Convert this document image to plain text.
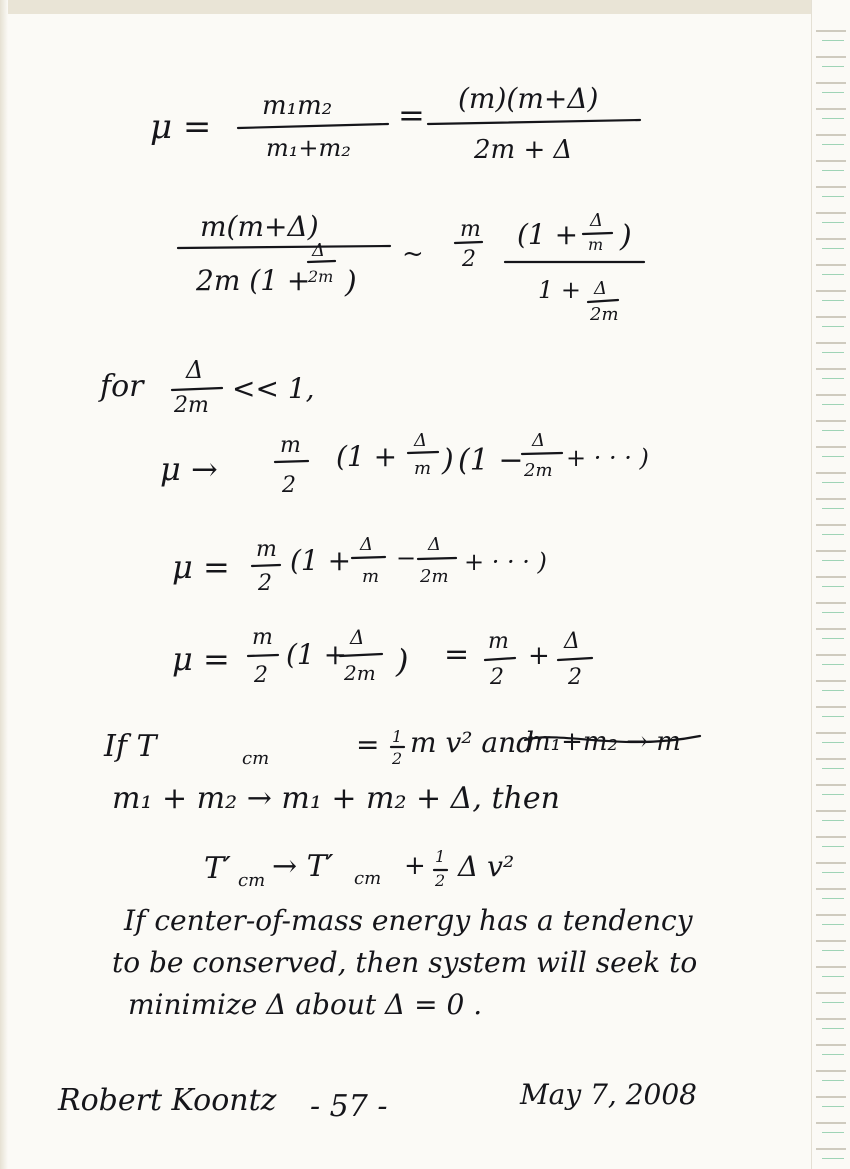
μ =
m₁m₂
m₁+m₂
= (m)(m+Δ)
2m + Δ
m(m+Δ)
2m (1 +
Δ
2m )
~
m
2
(1 + Δ
m )
1 + Δ
2m
for Δ
2m
<< 1,
μ →
m
2
(1 + Δ
m ) (1 −
Δ
2m + · · · )
μ = m
2
(1 + Δ
m
− Δ
2m
+ · · · )
μ =
m
2
(1 +
Δ
2m ) = m
2
+ Δ
2
If T	cm	= 1
2 m v² and
m₁+m₂ → m
m₁ + m₂ → m₁ + m₂ + Δ, then
T′ cm → T′ cm + 1
2 Δ v²
If center-of-mass energy has a tendency
to be conserved, then system will seek to
minimize Δ about Δ = 0 .
Robert Koontz - 57 -	May 7, 2008
